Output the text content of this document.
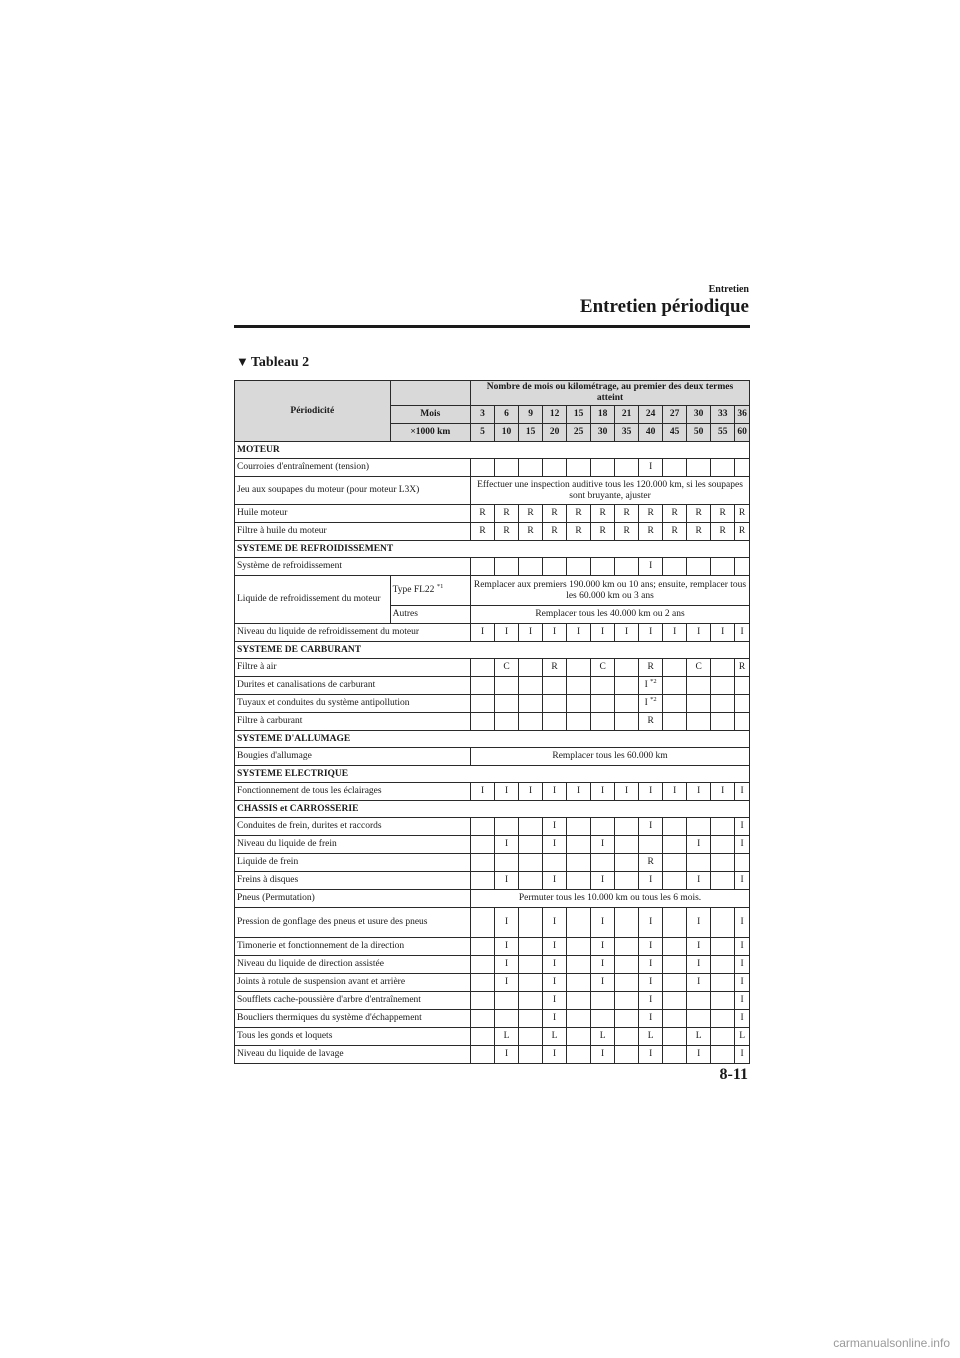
Entretien
Entretien périodique
▼ Tableau 2
Périodicité		Nombre de mois ou kilométrage, au premier des deux termes atteint											
	Mois	3	6	9	12	15	18	21	24	27	30	33	36
	×1000 km	5	10	15	20	25	30	35	40	45	50	55	60
MOTEUR													
Courroies d'entraînement (tension)									I				
Jeu aux soupapes du moteur (pour moteur L3X)		Effectuer une inspection auditive tous les 120.000 km, si les soupapes sont bruyante, ajuster											
Huile moteur		R	R	R	R	R	R	R	R	R	R	R	R
Filtre à huile du moteur		R	R	R	R	R	R	R	R	R	R	R	R
SYSTEME DE REFROIDISSEMENT													
Système de refroidissement									I				
Liquide de refroidissement du moteur	Type FL22 $^{*1}$	Remplacer aux premiers 190.000 km ou 10 ans; ensuite, remplacer tous les 60.000 km ou 3 ans											
	Autres	Remplacer tous les 40.000 km ou 2 ans											
Niveau du liquide de refroidissement du moteur		I	I	I	I	I	I	I	I	I	I	I	I
SYSTEME DE CARBURANT													
Filtre à air			C		R		C		R		C		R
Durites et canalisations de carburant									I $^{*2}$				
Tuyaux et conduites du système antipollution									I $^{*2}$				
Filtre à carburant									R				
SYSTEME D'ALLUMAGE													
Bougies d'allumage		Remplacer tous les 60.000 km											
SYSTEME ELECTRIQUE													
Fonctionnement de tous les éclairages		I	I	I	I	I	I	I	I	I	I	I	I
CHASSIS et CARROSSERIE													
Conduites de frein, durites et raccords					I				I				I
Niveau du liquide de frein			I		I		I				I		I
Liquide de frein									R				
Freins à disques			I		I		I		I		I		I
Pneus (Permutation)		Permuter tous les 10.000 km ou tous les 6 mois.											
Pression de gonflage des pneus et usure des pneus			I		I		I		I		I		I
Timonerie et fonctionnement de la direction			I		I		I		I		I		I
Niveau du liquide de direction assistée			I		I		I		I		I		I
Joints à rotule de suspension avant et arrière			I		I		I		I		I		I
Soufflets cache-poussière d'arbre d'entraînement					I				I				I
Boucliers thermiques du système d'échappement					I				I				I
Tous les gonds et loquets			L		L		L		L		L		L
Niveau du liquide de lavage			I		I		I		I		I		I
8-11
carmanualsonline.info
